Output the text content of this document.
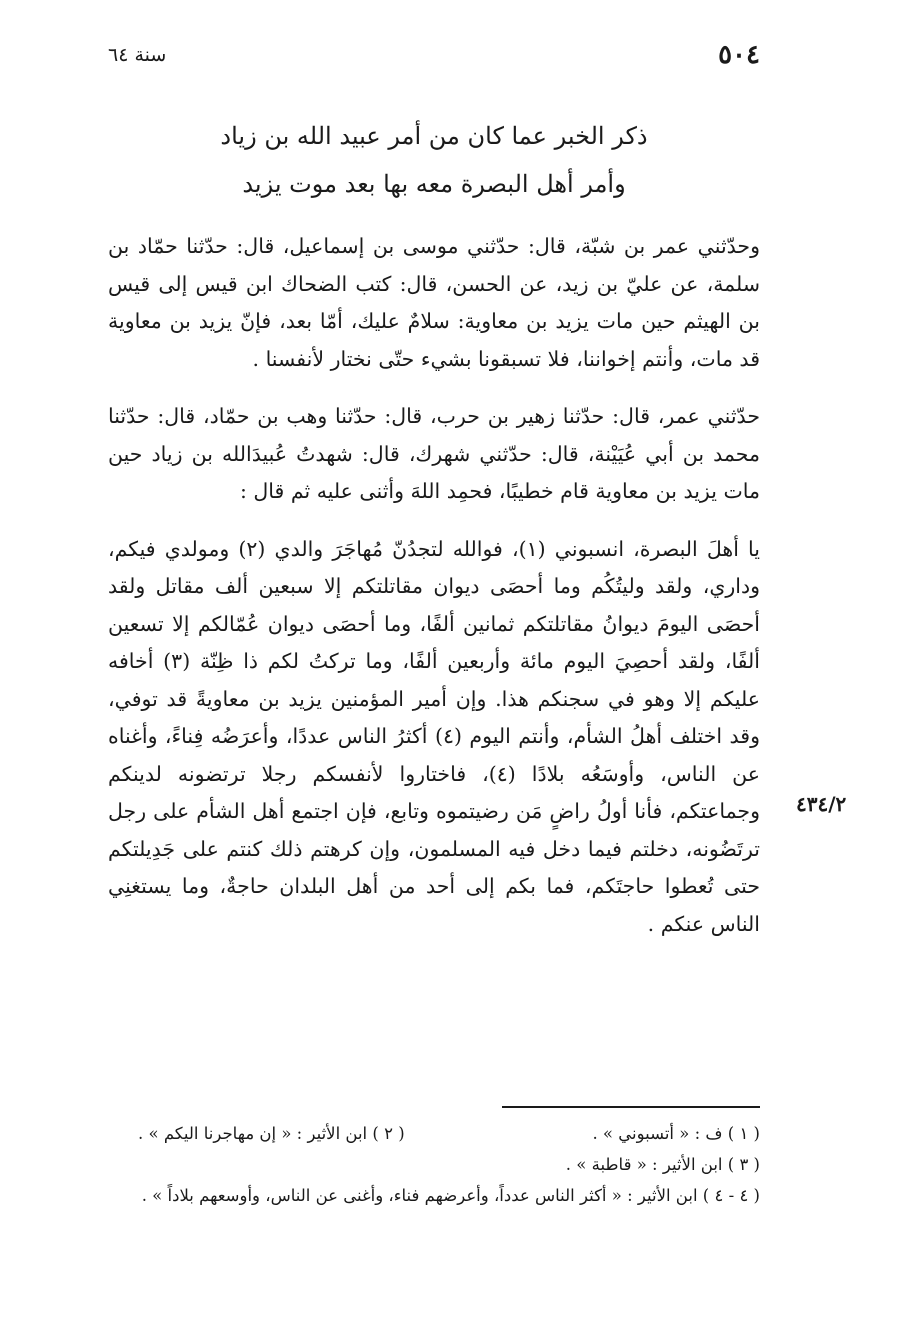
٥٠٤
سنة ٦٤
ذكر الخبر عما كان من أمر عبيد الله بن زياد
وأمر أهل البصرة معه بها بعد موت يزيد

وحدّثني عمر بن شبّة، قال: حدّثني موسى بن إسماعيل، قال: حدّثنا حمّاد بن سلمة، عن عليّ بن زيد، عن الحسن، قال: كتب الضحاك ابن قيس إلى قيس بن الهيثم حين مات يزيد بن معاوية: سلامٌ عليك، أمّا بعد، فإنّ يزيد بن معاوية قد مات، وأنتم إخواننا، فلا تسبقونا بشيء حتّى نختار لأنفسنا .

حدّثني عمر، قال: حدّثنا زهير بن حرب، قال: حدّثنا وهب بن حمّاد، قال: حدّثنا محمد بن أبي عُيَيْنة، قال: حدّثني شهرك، قال: شهدتُ عُبيدَالله بن زياد حين مات يزيد بن معاوية قام خطيبًا، فحمِد اللهَ وأثنى عليه ثم قال :

يا أهلَ البصرة، انسبوني (١)، فوالله لتجدُنّ مُهاجَرَ والدي (٢) ومولدي فيكم، وداري، ولقد وليتُكُم وما أحصَى ديوان مقاتلتكم إلا سبعين ألف مقاتل ولقد أحصَى اليومَ ديوانُ مقاتلتكم ثمانين ألفًا، وما أحصَى ديوان عُمّالكم إلا تسعين ألفًا، ولقد أحصِيَ اليوم مائة وأربعين ألفًا، وما تركتُ لكم ذا ظِنّة (٣) أخافه عليكم إلا وهو في سجنكم هذا. وإن أمير المؤمنين يزيد بن معاويةً قد توفي، وقد اختلف أهلُ الشأم، وأنتم اليوم (٤) أكثرُ الناس عددًا، وأعرَضُه فِناءً، وأغناه عن الناس، وأوسَعُه بلادًا (٤)، فاختاروا لأنفسكم رجلا ترتضونه لدينكم وجماعتكم، فأنا أولُ راضٍ مَن رضيتموه وتابع، فإن اجتمع أهل الشأم على رجل ترتَضُونه، دخلتم فيما دخل فيه المسلمون، وإن كرهتم ذلك كنتم على جَدِيلتكم حتى تُعطوا حاجتَكم، فما بكم إلى أحد من أهل البلدان حاجةٌ، وما يستغنِي الناس عنكم .

٤٣٤/٢
( ١ ) ف : « أتسبوني » .
( ٢ ) ابن الأثير : « إن مهاجرنا اليكم » .
( ٣ ) ابن الأثير : « قاطبة » .
( ٤ - ٤ ) ابن الأثير : « أكثر الناس عدداً، وأعرضهم فناء، وأغنى عن الناس، وأوسعهم بلاداً » .
